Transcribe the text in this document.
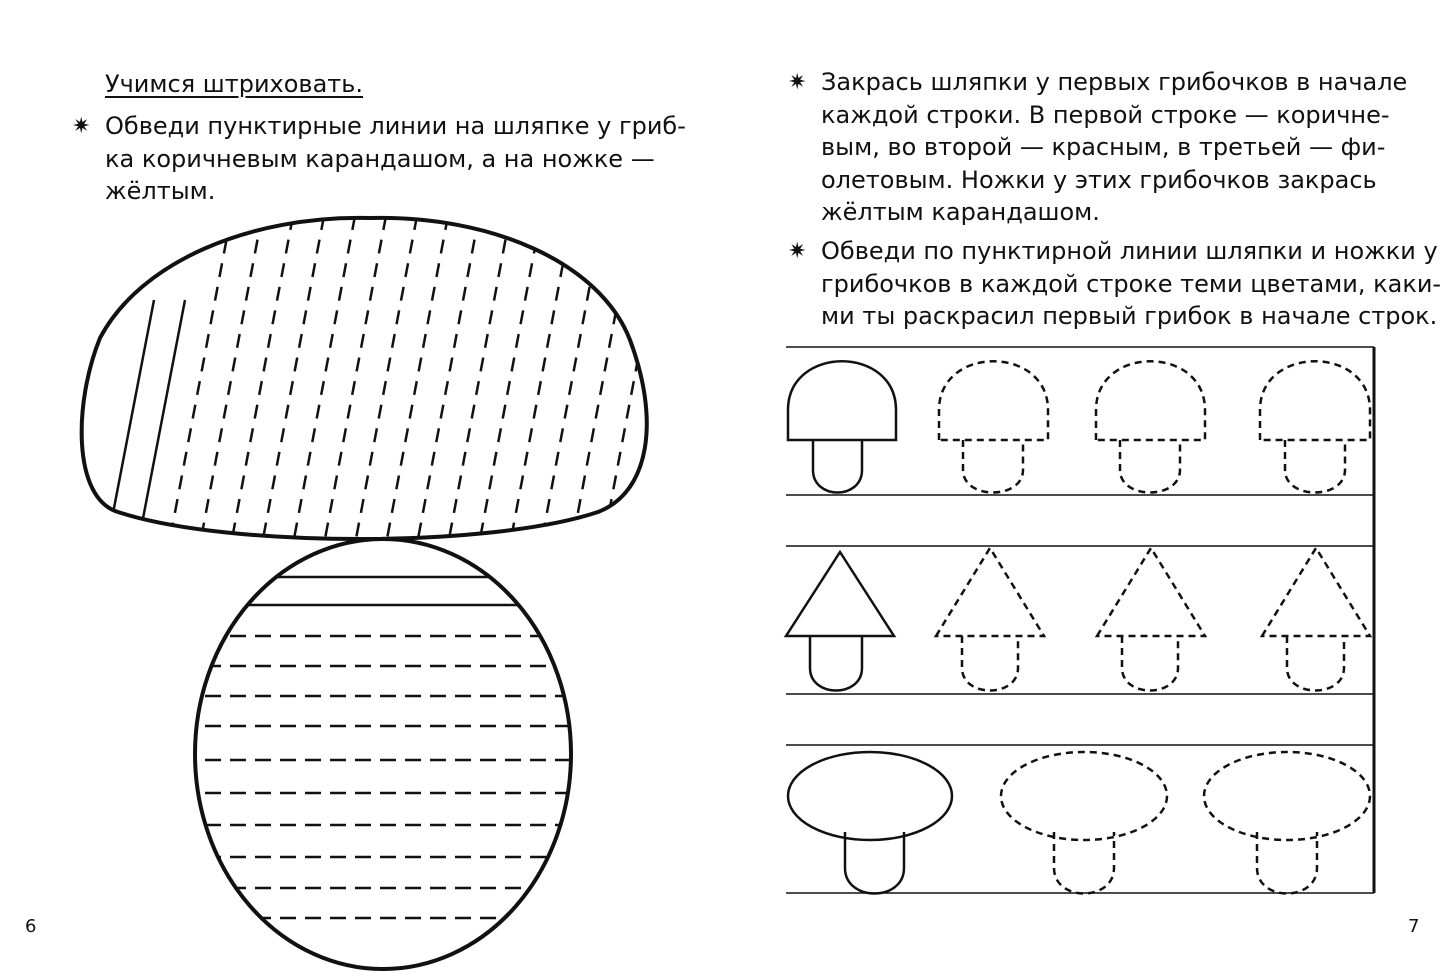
Учимся штриховать.
✷ Обведи пунктирные линии на шляпке у гриб-
ка коричневым карандашом, а на ножке —
жёлтым.
6
✷ Закрась шляпки у первых грибочков в начале
каждой строки. В первой строке — коричне-
вым, во второй — красным, в третьей — фи-
олетовым. Ножки у этих грибочков закрась
жёлтым карандашом.
✷ Обведи по пунктирной линии шляпки и ножки у
грибочков в каждой строке теми цветами, каки-
ми ты раскрасил первый грибок в начале строк.
7
